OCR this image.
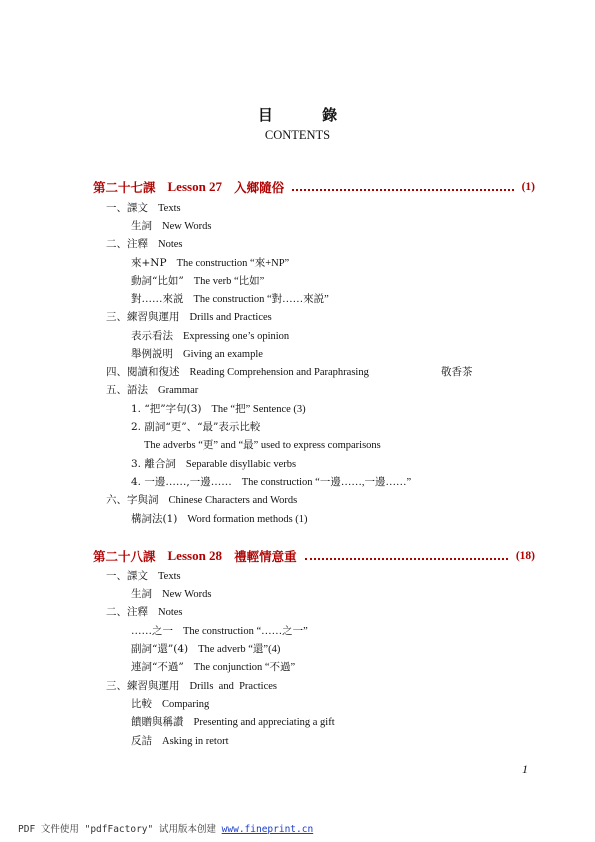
目 錄
CONTENTS
第二十七課 Lesson 27 入鄉隨俗	(1)
一、課文 Texts
生詞 New Words
二、注釋 Notes
來+NP The construction “來+NP”
動詞“比如” The verb “比如”
對……來説 The construction “對……來説”
三、練習與運用 Drills and Practices
表示看法 Expressing one’s opinion
舉例説明 Giving an example
四、閱讀和復述 Reading Comprehension and Paraphrasing	敬香茶
五、語法 Grammar
1. “把”字句(3) The “把” Sentence (3)
2. 副詞“更”、“最”表示比較
The adverbs “更” and “最” used to express comparisons
3. 離合詞 Separable disyllabic verbs
4. 一邊……,一邊…… The construction “一邊……,一邊……”
六、字與詞 Chinese Characters and Words
構詞法(1) Word formation methods (1)
第二十八課 Lesson 28 禮輕情意重	(18)
一、課文 Texts
生詞 New Words
二、注釋 Notes
……之一 The construction “……之一”
副詞“還”(4) The adverb “還”(4)
連詞“不過” The conjunction “不過”
三、練習與運用 Drills  and  Practices
比較 Comparing
饋贈與稱讚 Presenting and appreciating a gift
反詰 Asking in retort
1
PDF 文件使用 "pdfFactory" 试用版本创建 www.fineprint.cn
